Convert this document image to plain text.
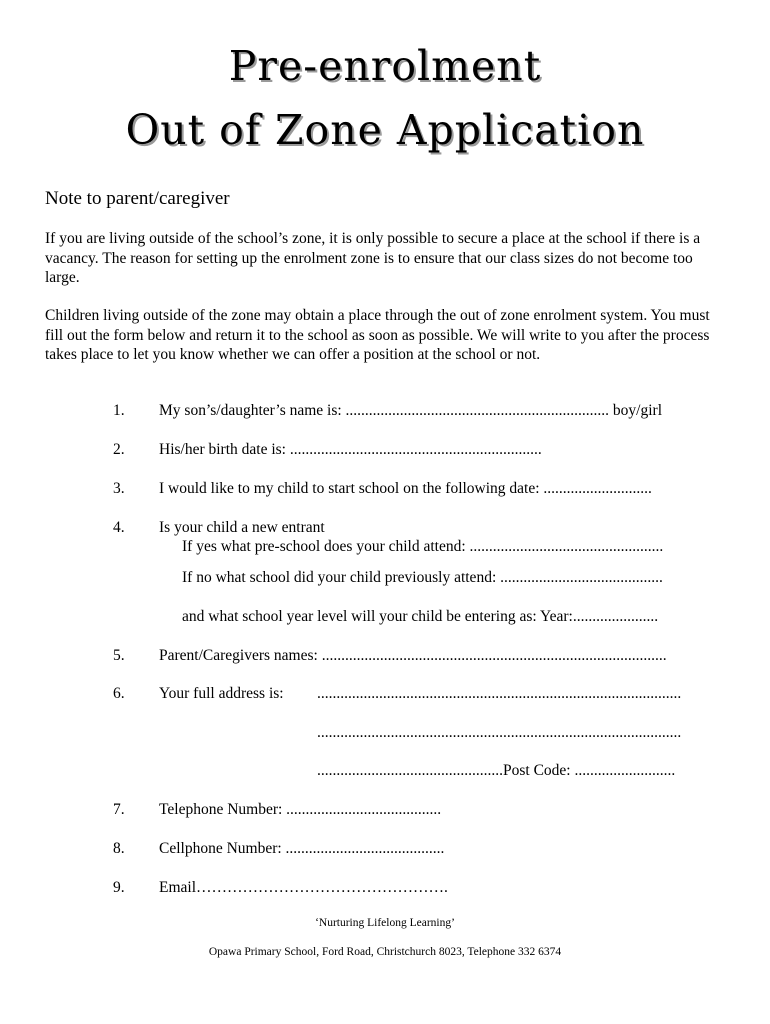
Pre-enrolment
Out of Zone Application
Note to parent/caregiver
If you are living outside of the school’s zone, it is only possible to secure a place at the school if there is a vacancy. The reason for setting up the enrolment zone is to ensure that our class sizes do not become too large.
Children living outside of the zone may obtain a place through the out of zone enrolment system. You must fill out the form below and return it to the school as soon as possible. We will write to you after the process takes place to let you know whether we can offer a position at the school or not.
1. My son’s/daughter’s name is: .................................................................... boy/girl
2. His/her birth date is: .................................................................
3. I would like to my child to start school on the following date: ............................
4. Is your child a new entrant
If yes what pre-school does your child attend: ..................................................
If no what school did your child previously attend: ..........................................
and what school year level will your child be entering as: Year:......................
5. Parent/Caregivers names: .........................................................................................
6. Your full address is: ..............................................................................................
..............................................................................................
................................................Post Code: ..........................
7. Telephone Number: ........................................
8. Cellphone Number: .........................................
9. Email………………………………………….
‘Nurturing Lifelong Learning’
Opawa Primary School, Ford Road, Christchurch 8023, Telephone 332 6374
